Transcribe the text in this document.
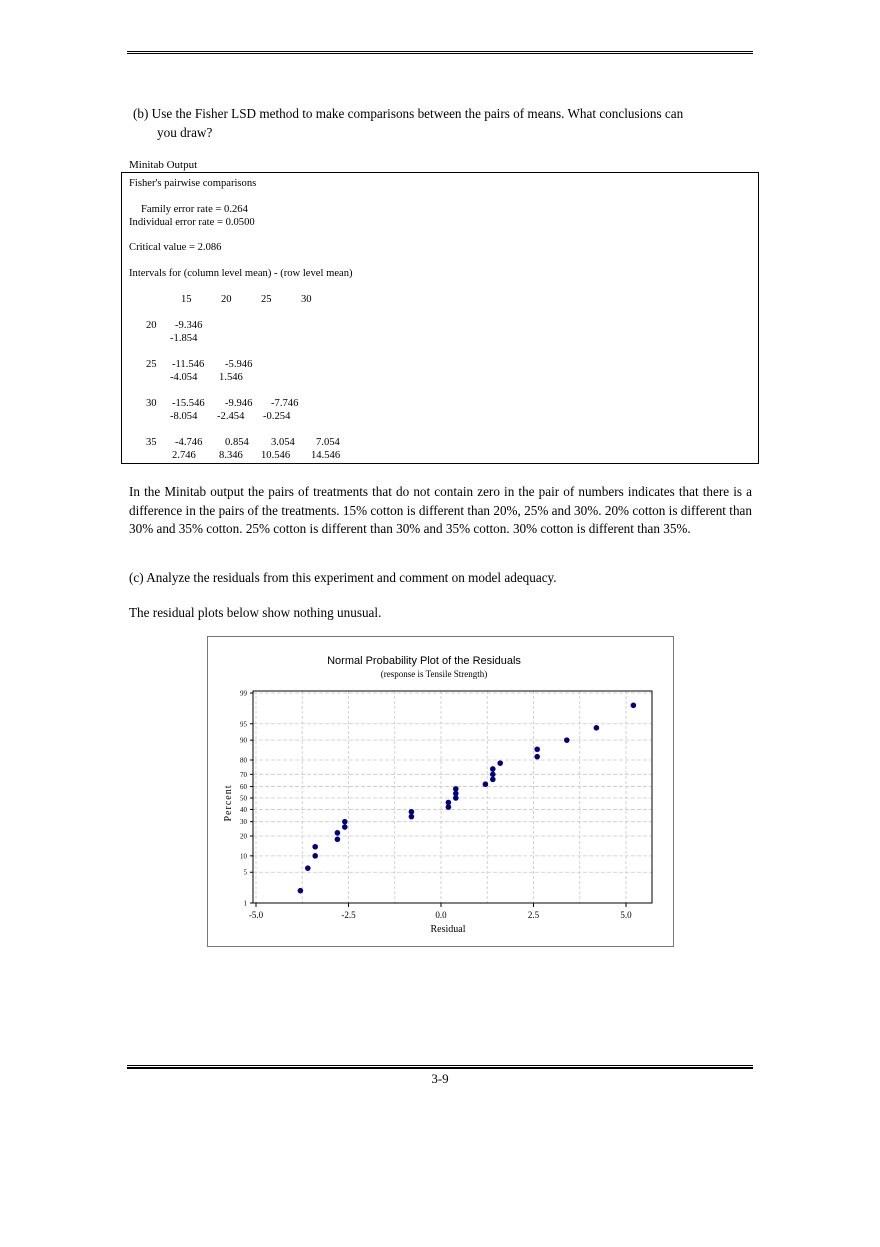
(b) Use the Fisher LSD method to make comparisons between the pairs of means. What conclusions can
you draw?
Minitab Output
Fisher's pairwise comparisons
Family error rate = 0.264
Individual error rate = 0.0500
Critical value = 2.086
Intervals for (column level mean) - (row level mean)
15	20	25	30
20 -9.346
-1.854
25 -11.546 -5.946
-4.054 1.546
30 -15.546 -9.946 -7.746
-8.054 -2.454 -0.254
35 -4.746 0.854 3.054 7.054
2.746 8.346 10.546 14.546
In the Minitab output the pairs of treatments that do not contain zero in the pair of numbers indicates that there is a difference in the pairs of the treatments. 15% cotton is different than 20%, 25% and 30%. 20% cotton is different than 30% and 35% cotton. 25% cotton is different than 30% and 35% cotton. 30% cotton is different than 35%.
(c) Analyze the residuals from this experiment and comment on model adequacy.
The residual plots below show nothing unusual.
Normal Probability Plot of the Residuals
(response is Tensile Strength)
Residual
Percent
-5.0	-2.5	0.0	2.5	5.0
1
5
10
20
30
40
50
60
70
80
90
95
99
3-9
